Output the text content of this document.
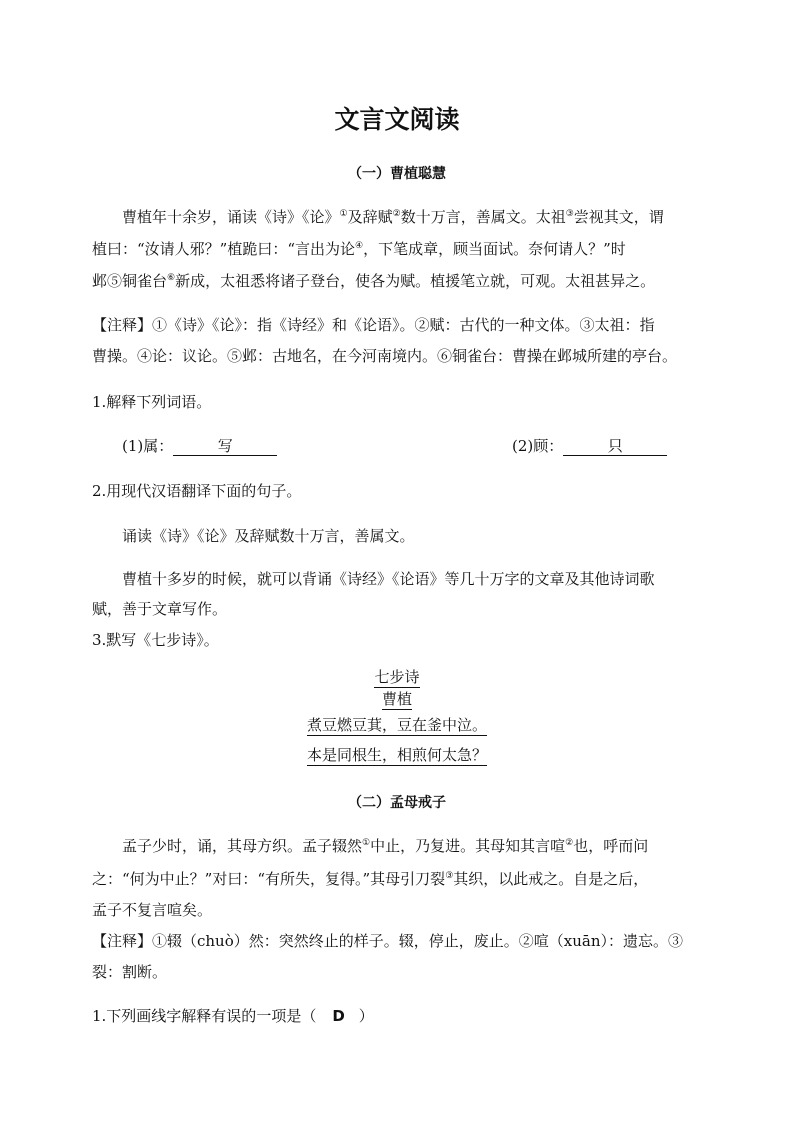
文言文阅读
（一）曹植聪慧
曹植年十余岁，诵读《诗》《论》①及辞赋②数十万言，善属文。太祖③尝视其文，谓
植曰：“汝请人邪？”植跪曰：“言出为论④，下笔成章，顾当面试。奈何请人？”时
邺⑤铜雀台⑥新成，太祖悉将诸子登台，使各为赋。植援笔立就，可观。太祖甚异之。
【注释】①《诗》《论》：指《诗经》和《论语》。②赋：古代的一种文体。③太祖：指
曹操。④论：议论。⑤邺：古地名，在今河南境内。⑥铜雀台：曹操在邺城所建的亭台。
1.解释下列词语。
(1)属：	写	(2)顾：	只
2.用现代汉语翻译下面的句子。
诵读《诗》《论》及辞赋数十万言，善属文。
曹植十多岁的时候，就可以背诵《诗经》《论语》等几十万字的文章及其他诗词歌
赋，善于文章写作。
3.默写《七步诗》。
七步诗
曹植
煮豆燃豆萁，豆在釜中泣。
本是同根生，相煎何太急？
（二）孟母戒子
孟子少时，诵，其母方织。孟子辍然①中止，乃复进。其母知其言喧②也，呼而问
之：“何为中止？”对曰：“有所失，复得。”其母引刀裂③其织，以此戒之。自是之后，
孟子不复言喧矣。
【注释】①辍（chuò）然：突然终止的样子。辍，停止，废止。②喧（xuān）：遗忘。③
裂：割断。
1.下列画线字解释有误的一项是（ D ）
